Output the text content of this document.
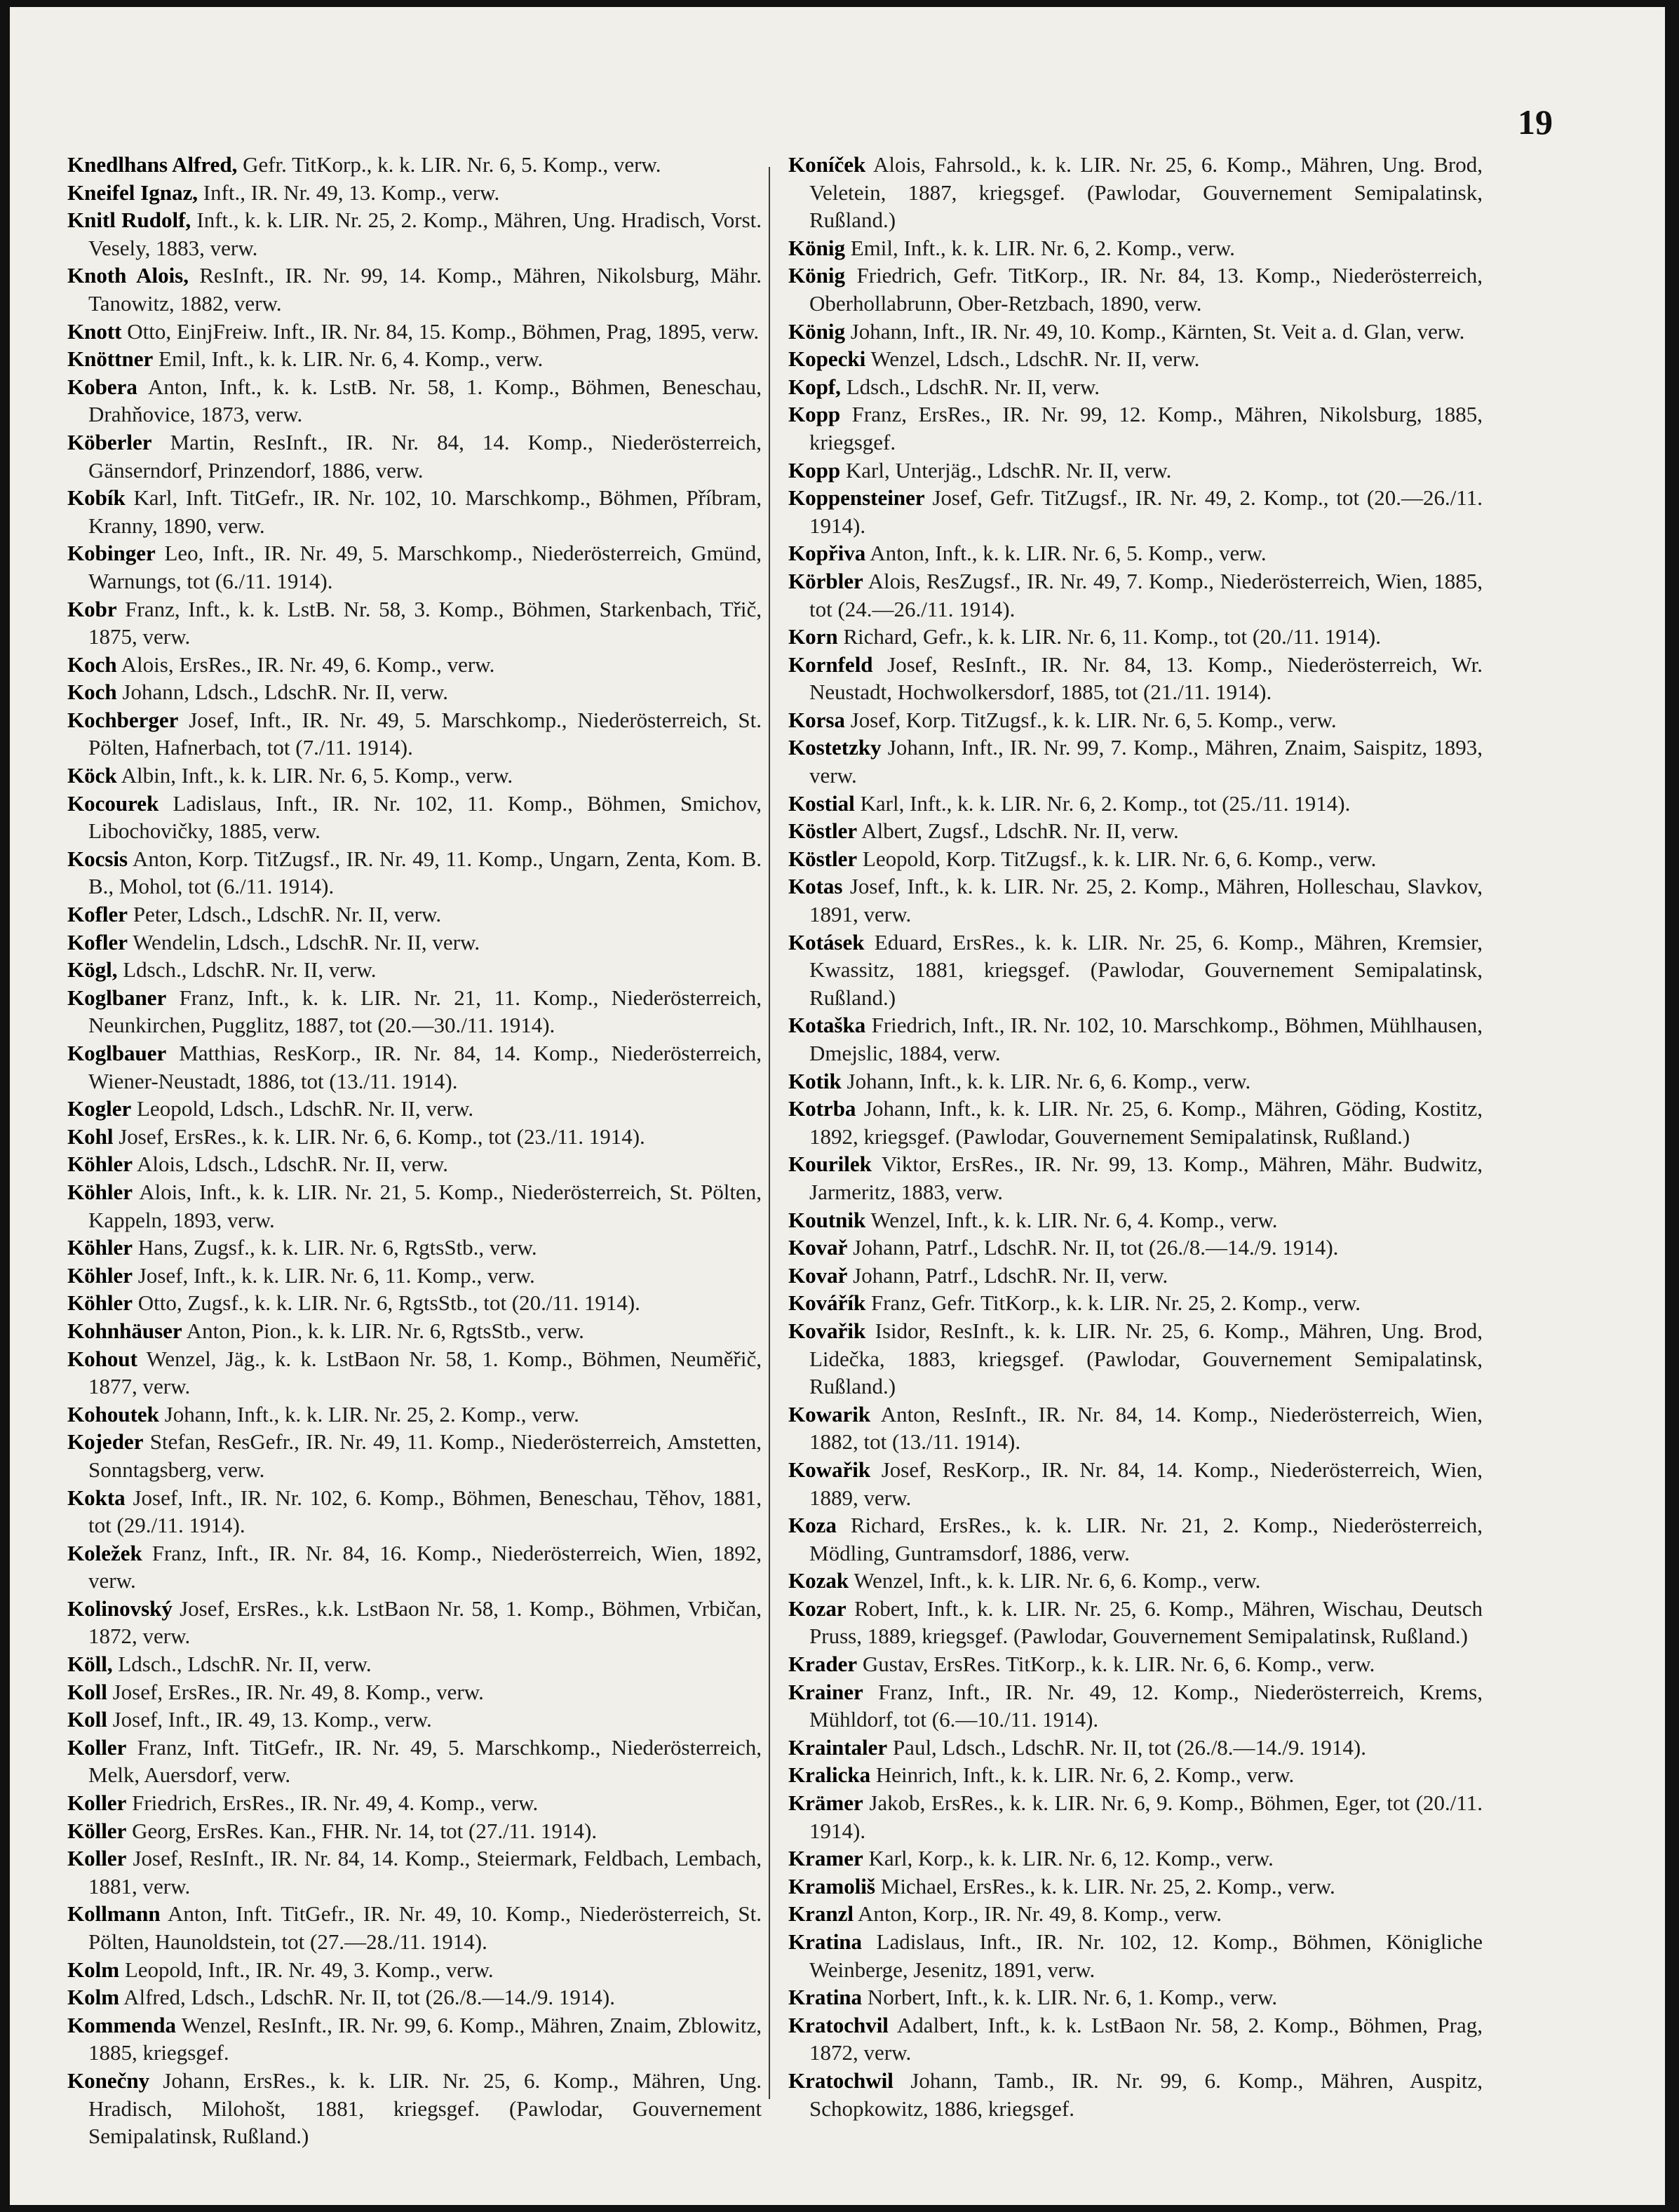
19
Knedlhans Alfred, Gefr. TitKorp., k. k. LIR. Nr. 6, 5. Komp., verw.
Kneifel Ignaz, Inft., IR. Nr. 49, 13. Komp., verw.
Knitl Rudolf, Inft., k. k. LIR. Nr. 25, 2. Komp., Mähren, Ung. Hradisch, Vorst. Vesely, 1883, verw.
Knoth Alois, ResInft., IR. Nr. 99, 14. Komp., Mähren, Nikolsburg, Mähr. Tanowitz, 1882, verw.
Knott Otto, EinjFreiw. Inft., IR. Nr. 84, 15. Komp., Böhmen, Prag, 1895, verw.
Knöttner Emil, Inft., k. k. LIR. Nr. 6, 4. Komp., verw.
Kobera Anton, Inft., k. k. LstB. Nr. 58, 1. Komp., Böhmen, Beneschau, Drahňovice, 1873, verw.
Köberler Martin, ResInft., IR. Nr. 84, 14. Komp., Niederösterreich, Gänserndorf, Prinzendorf, 1886, verw.
Kobík Karl, Inft. TitGefr., IR. Nr. 102, 10. Marschkomp., Böhmen, Příbram, Kranny, 1890, verw.
Kobinger Leo, Inft., IR. Nr. 49, 5. Marschkomp., Niederösterreich, Gmünd, Warnungs, tot (6./11. 1914).
Kobr Franz, Inft., k. k. LstB. Nr. 58, 3. Komp., Böhmen, Starkenbach, Třič, 1875, verw.
Koch Alois, ErsRes., IR. Nr. 49, 6. Komp., verw.
Koch Johann, Ldsch., LdschR. Nr. II, verw.
Kochberger Josef, Inft., IR. Nr. 49, 5. Marschkomp., Niederösterreich, St. Pölten, Hafnerbach, tot (7./11. 1914).
Köck Albin, Inft., k. k. LIR. Nr. 6, 5. Komp., verw.
Kocourek Ladislaus, Inft., IR. Nr. 102, 11. Komp., Böhmen, Smichov, Libochovičky, 1885, verw.
Kocsis Anton, Korp. TitZugsf., IR. Nr. 49, 11. Komp., Ungarn, Zenta, Kom. B. B., Mohol, tot (6./11. 1914).
Kofler Peter, Ldsch., LdschR. Nr. II, verw.
Kofler Wendelin, Ldsch., LdschR. Nr. II, verw.
Kögl, Ldsch., LdschR. Nr. II, verw.
Koglbaner Franz, Inft., k. k. LIR. Nr. 21, 11. Komp., Niederösterreich, Neunkirchen, Pugglitz, 1887, tot (20.—30./11. 1914).
Koglbauer Matthias, ResKorp., IR. Nr. 84, 14. Komp., Niederösterreich, Wiener-Neustadt, 1886, tot (13./11. 1914).
Kogler Leopold, Ldsch., LdschR. Nr. II, verw.
Kohl Josef, ErsRes., k. k. LIR. Nr. 6, 6. Komp., tot (23./11. 1914).
Köhler Alois, Ldsch., LdschR. Nr. II, verw.
Köhler Alois, Inft., k. k. LIR. Nr. 21, 5. Komp., Niederösterreich, St. Pölten, Kappeln, 1893, verw.
Köhler Hans, Zugsf., k. k. LIR. Nr. 6, RgtsStb., verw.
Köhler Josef, Inft., k. k. LIR. Nr. 6, 11. Komp., verw.
Köhler Otto, Zugsf., k. k. LIR. Nr. 6, RgtsStb., tot (20./11. 1914).
Kohnhäuser Anton, Pion., k. k. LIR. Nr. 6, RgtsStb., verw.
Kohout Wenzel, Jäg., k. k. LstBaon Nr. 58, 1. Komp., Böhmen, Neuměřič, 1877, verw.
Kohoutek Johann, Inft., k. k. LIR. Nr. 25, 2. Komp., verw.
Kojeder Stefan, ResGefr., IR. Nr. 49, 11. Komp., Niederösterreich, Amstetten, Sonntagsberg, verw.
Kokta Josef, Inft., IR. Nr. 102, 6. Komp., Böhmen, Beneschau, Těhov, 1881, tot (29./11. 1914).
Koležek Franz, Inft., IR. Nr. 84, 16. Komp., Niederösterreich, Wien, 1892, verw.
Kolinovský Josef, ErsRes., k.k. LstBaon Nr. 58, 1. Komp., Böhmen, Vrbičan, 1872, verw.
Köll, Ldsch., LdschR. Nr. II, verw.
Koll Josef, ErsRes., IR. Nr. 49, 8. Komp., verw.
Koll Josef, Inft., IR. 49, 13. Komp., verw.
Koller Franz, Inft. TitGefr., IR. Nr. 49, 5. Marschkomp., Niederösterreich, Melk, Auersdorf, verw.
Koller Friedrich, ErsRes., IR. Nr. 49, 4. Komp., verw.
Köller Georg, ErsRes. Kan., FHR. Nr. 14, tot (27./11. 1914).
Koller Josef, ResInft., IR. Nr. 84, 14. Komp., Steiermark, Feldbach, Lembach, 1881, verw.
Kollmann Anton, Inft. TitGefr., IR. Nr. 49, 10. Komp., Niederösterreich, St. Pölten, Haunoldstein, tot (27.—28./11. 1914).
Kolm Leopold, Inft., IR. Nr. 49, 3. Komp., verw.
Kolm Alfred, Ldsch., LdschR. Nr. II, tot (26./8.—14./9. 1914).
Kommenda Wenzel, ResInft., IR. Nr. 99, 6. Komp., Mähren, Znaim, Zblowitz, 1885, kriegsgef.
Konečny Johann, ErsRes., k. k. LIR. Nr. 25, 6. Komp., Mähren, Ung. Hradisch, Milohošt, 1881, kriegsgef. (Pawlodar, Gouvernement Semipalatinsk, Rußland.)
Koníček Alois, Fahrsold., k. k. LIR. Nr. 25, 6. Komp., Mähren, Ung. Brod, Veletein, 1887, kriegsgef. (Pawlodar, Gouvernement Semipalatinsk, Rußland.)
König Emil, Inft., k. k. LIR. Nr. 6, 2. Komp., verw.
König Friedrich, Gefr. TitKorp., IR. Nr. 84, 13. Komp., Niederösterreich, Oberhollabrunn, Ober-Retzbach, 1890, verw.
König Johann, Inft., IR. Nr. 49, 10. Komp., Kärnten, St. Veit a. d. Glan, verw.
Kopecki Wenzel, Ldsch., LdschR. Nr. II, verw.
Kopf, Ldsch., LdschR. Nr. II, verw.
Kopp Franz, ErsRes., IR. Nr. 99, 12. Komp., Mähren, Nikolsburg, 1885, kriegsgef.
Kopp Karl, Unterjäg., LdschR. Nr. II, verw.
Koppensteiner Josef, Gefr. TitZugsf., IR. Nr. 49, 2. Komp., tot (20.—26./11. 1914).
Kopřiva Anton, Inft., k. k. LIR. Nr. 6, 5. Komp., verw.
Körbler Alois, ResZugsf., IR. Nr. 49, 7. Komp., Niederösterreich, Wien, 1885, tot (24.—26./11. 1914).
Korn Richard, Gefr., k. k. LIR. Nr. 6, 11. Komp., tot (20./11. 1914).
Kornfeld Josef, ResInft., IR. Nr. 84, 13. Komp., Niederösterreich, Wr. Neustadt, Hochwolkersdorf, 1885, tot (21./11. 1914).
Korsa Josef, Korp. TitZugsf., k. k. LIR. Nr. 6, 5. Komp., verw.
Kostetzky Johann, Inft., IR. Nr. 99, 7. Komp., Mähren, Znaim, Saispitz, 1893, verw.
Kostial Karl, Inft., k. k. LIR. Nr. 6, 2. Komp., tot (25./11. 1914).
Köstler Albert, Zugsf., LdschR. Nr. II, verw.
Köstler Leopold, Korp. TitZugsf., k. k. LIR. Nr. 6, 6. Komp., verw.
Kotas Josef, Inft., k. k. LIR. Nr. 25, 2. Komp., Mähren, Holleschau, Slavkov, 1891, verw.
Kotásek Eduard, ErsRes., k. k. LIR. Nr. 25, 6. Komp., Mähren, Kremsier, Kwassitz, 1881, kriegsgef. (Pawlodar, Gouvernement Semipalatinsk, Rußland.)
Kotaška Friedrich, Inft., IR. Nr. 102, 10. Marschkomp., Böhmen, Mühlhausen, Dmejslic, 1884, verw.
Kotik Johann, Inft., k. k. LIR. Nr. 6, 6. Komp., verw.
Kotrba Johann, Inft., k. k. LIR. Nr. 25, 6. Komp., Mähren, Göding, Kostitz, 1892, kriegsgef. (Pawlodar, Gouvernement Semipalatinsk, Rußland.)
Kourilek Viktor, ErsRes., IR. Nr. 99, 13. Komp., Mähren, Mähr. Budwitz, Jarmeritz, 1883, verw.
Koutnik Wenzel, Inft., k. k. LIR. Nr. 6, 4. Komp., verw.
Kovař Johann, Patrf., LdschR. Nr. II, tot (26./8.—14./9. 1914).
Kovař Johann, Patrf., LdschR. Nr. II, verw.
Kovářík Franz, Gefr. TitKorp., k. k. LIR. Nr. 25, 2. Komp., verw.
Kovařik Isidor, ResInft., k. k. LIR. Nr. 25, 6. Komp., Mähren, Ung. Brod, Lidečka, 1883, kriegsgef. (Pawlodar, Gouvernement Semipalatinsk, Rußland.)
Kowarik Anton, ResInft., IR. Nr. 84, 14. Komp., Niederösterreich, Wien, 1882, tot (13./11. 1914).
Kowařik Josef, ResKorp., IR. Nr. 84, 14. Komp., Niederösterreich, Wien, 1889, verw.
Koza Richard, ErsRes., k. k. LIR. Nr. 21, 2. Komp., Niederösterreich, Mödling, Guntramsdorf, 1886, verw.
Kozak Wenzel, Inft., k. k. LIR. Nr. 6, 6. Komp., verw.
Kozar Robert, Inft., k. k. LIR. Nr. 25, 6. Komp., Mähren, Wischau, Deutsch Pruss, 1889, kriegsgef. (Pawlodar, Gouvernement Semipalatinsk, Rußland.)
Krader Gustav, ErsRes. TitKorp., k. k. LIR. Nr. 6, 6. Komp., verw.
Krainer Franz, Inft., IR. Nr. 49, 12. Komp., Niederösterreich, Krems, Mühldorf, tot (6.—10./11. 1914).
Kraintaler Paul, Ldsch., LdschR. Nr. II, tot (26./8.—14./9. 1914).
Kralicka Heinrich, Inft., k. k. LIR. Nr. 6, 2. Komp., verw.
Krämer Jakob, ErsRes., k. k. LIR. Nr. 6, 9. Komp., Böhmen, Eger, tot (20./11. 1914).
Kramer Karl, Korp., k. k. LIR. Nr. 6, 12. Komp., verw.
Kramoliš Michael, ErsRes., k. k. LIR. Nr. 25, 2. Komp., verw.
Kranzl Anton, Korp., IR. Nr. 49, 8. Komp., verw.
Kratina Ladislaus, Inft., IR. Nr. 102, 12. Komp., Böhmen, Königliche Weinberge, Jesenitz, 1891, verw.
Kratina Norbert, Inft., k. k. LIR. Nr. 6, 1. Komp., verw.
Kratochvil Adalbert, Inft., k. k. LstBaon Nr. 58, 2. Komp., Böhmen, Prag, 1872, verw.
Kratochwil Johann, Tamb., IR. Nr. 99, 6. Komp., Mähren, Auspitz, Schopkowitz, 1886, kriegsgef.
